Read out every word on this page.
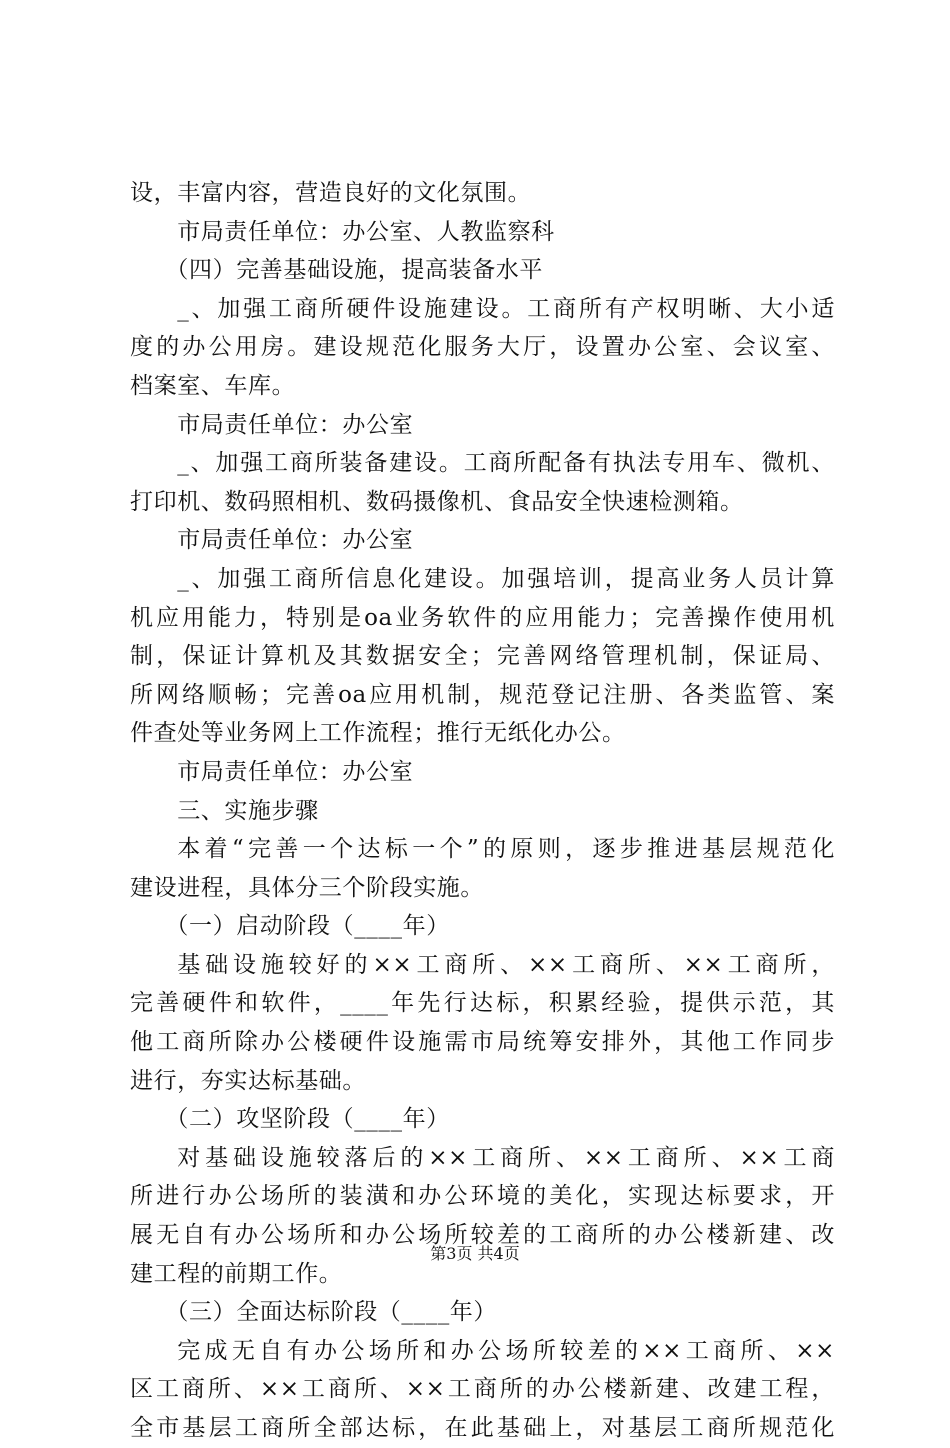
设，丰富内容，营造良好的文化氛围。
市局责任单位：办公室、人教监察科
（四）完善基础设施，提高装备水平
_、加强工商所硬件设施建设。工商所有产权明晰、大小适
度的办公用房。建设规范化服务大厅，设置办公室、会议室、
档案室、车库。
市局责任单位：办公室
_、加强工商所装备建设。工商所配备有执法专用车、微机、
打印机、数码照相机、数码摄像机、食品安全快速检测箱。
市局责任单位：办公室
_、加强工商所信息化建设。加强培训，提高业务人员计算
机应用能力，特别是oa业务软件的应用能力；完善操作使用机
制，保证计算机及其数据安全；完善网络管理机制，保证局、
所网络顺畅；完善oa应用机制，规范登记注册、各类监管、案
件查处等业务网上工作流程；推行无纸化办公。
市局责任单位：办公室
三、实施步骤
本着“完善一个达标一个”的原则，逐步推进基层规范化
建设进程，具体分三个阶段实施。
（一）启动阶段（____年）
基础设施较好的××工商所、××工商所、××工商所，
完善硬件和软件，____年先行达标，积累经验，提供示范，其
他工商所除办公楼硬件设施需市局统筹安排外，其他工作同步
进行，夯实达标基础。
（二）攻坚阶段（____年）
对基础设施较落后的××工商所、××工商所、××工商
所进行办公场所的装潢和办公环境的美化，实现达标要求，开
展无自有办公场所和办公场所较差的工商所的办公楼新建、改
建工程的前期工作。
（三）全面达标阶段（____年）
完成无自有办公场所和办公场所较差的××工商所、××
区工商所、××工商所、××工商所的办公楼新建、改建工程，
全市基层工商所全部达标，在此基础上，对基层工商所规范化
第3页 共4页
